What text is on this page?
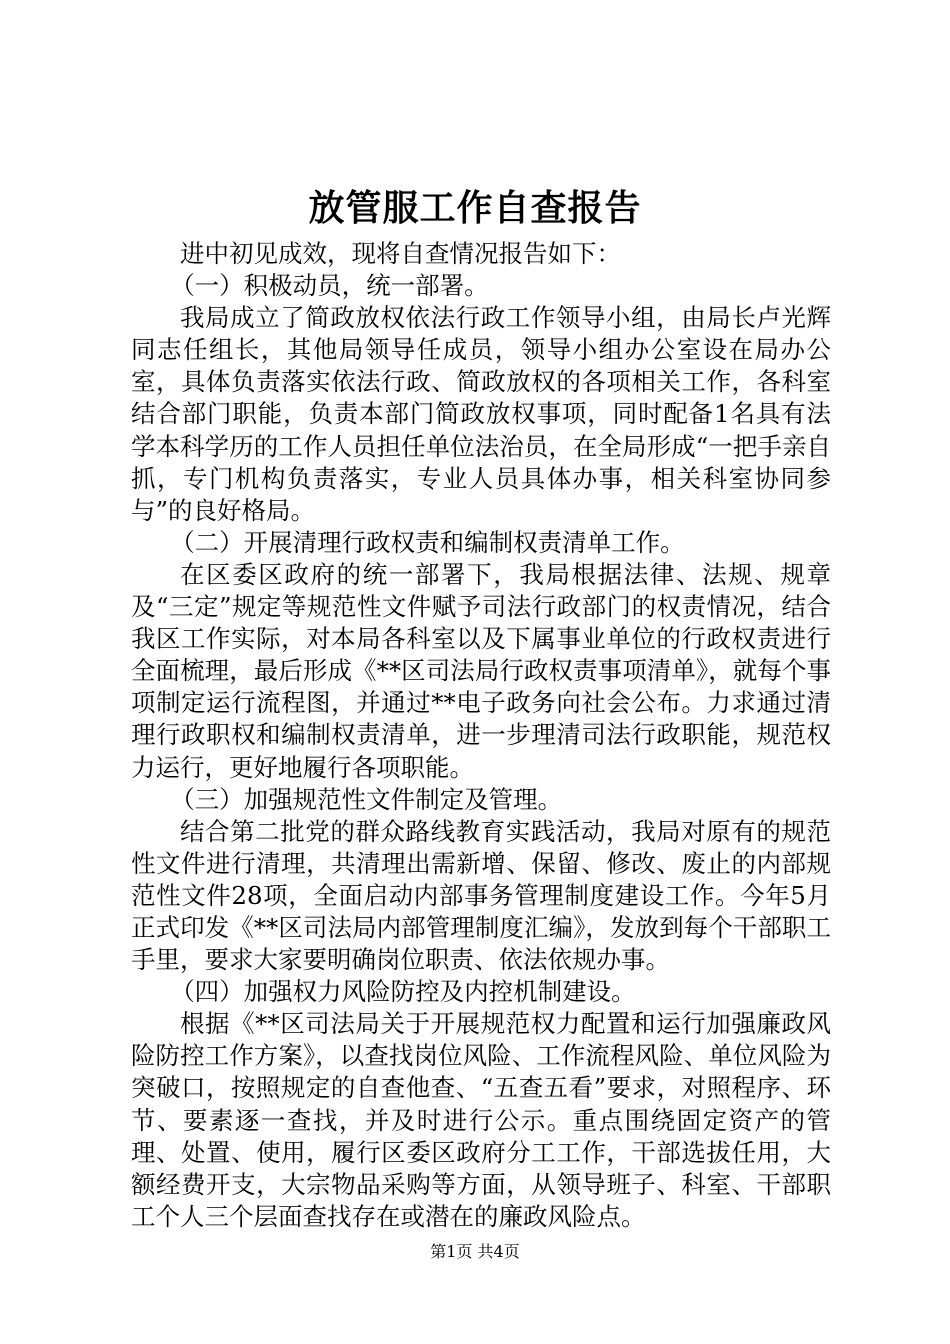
放管服工作自查报告

进中初见成效，现将自查情况报告如下：

（一）积极动员，统一部署。

我局成立了简政放权依法行政工作领导小组，由局长卢光辉同志任组长，其他局领导任成员，领导小组办公室设在局办公室，具体负责落实依法行政、简政放权的各项相关工作，各科室结合部门职能，负责本部门简政放权事项，同时配备1名具有法学本科学历的工作人员担任单位法治员，在全局形成“一把手亲自抓，专门机构负责落实，专业人员具体办事，相关科室协同参与”的良好格局。

（二）开展清理行政权责和编制权责清单工作。

在区委区政府的统一部署下，我局根据法律、法规、规章及“三定”规定等规范性文件赋予司法行政部门的权责情况，结合我区工作实际，对本局各科室以及下属事业单位的行政权责进行全面梳理，最后形成《**区司法局行政权责事项清单》，就每个事项制定运行流程图，并通过**电子政务向社会公布。力求通过清理行政职权和编制权责清单，进一步理清司法行政职能，规范权力运行，更好地履行各项职能。

（三）加强规范性文件制定及管理。

结合第二批党的群众路线教育实践活动，我局对原有的规范性文件进行清理，共清理出需新增、保留、修改、废止的内部规范性文件28项，全面启动内部事务管理制度建设工作。今年5月正式印发《**区司法局内部管理制度汇编》，发放到每个干部职工手里，要求大家要明确岗位职责、依法依规办事。

（四）加强权力风险防控及内控机制建设。

根据《**区司法局关于开展规范权力配置和运行加强廉政风险防控工作方案》，以查找岗位风险、工作流程风险、单位风险为突破口，按照规定的自查他查、“五查五看”要求，对照程序、环节、要素逐一查找，并及时进行公示。重点围绕固定资产的管理、处置、使用，履行区委区政府分工工作，干部选拔任用，大额经费开支，大宗物品采购等方面，从领导班子、科室、干部职工个人三个层面查找存在或潜在的廉政风险点。

第1页 共4页
